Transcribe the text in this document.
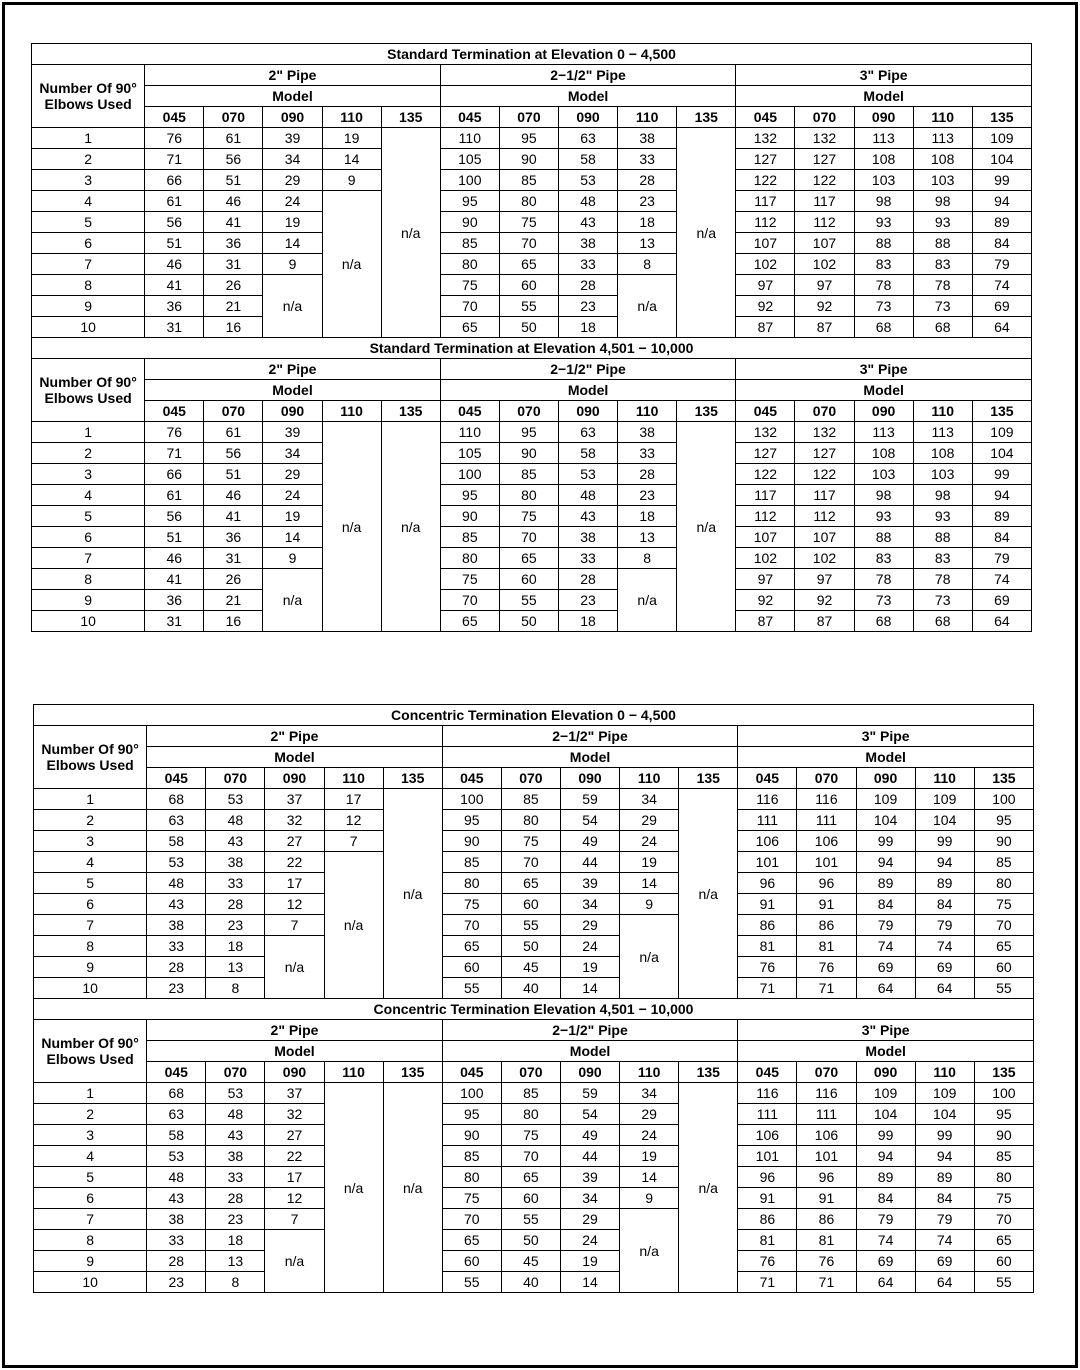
Standard Termination at Elevation 0 − 4,500															
Number Of 90° Elbows Used	2" Pipe					2−1/2" Pipe					3" Pipe				
	Model					Model					Model				
	045	070	090	110	135	045	070	090	110	135	045	070	090	110	135
1	76	61	39	19	n/a	110	95	63	38	n/a	132	132	113	113	109
2	71	56	34	14		105	90	58	33		127	127	108	108	104
3	66	51	29	9		100	85	53	28		122	122	103	103	99
4	61	46	24	n/a		95	80	48	23		117	117	98	98	94
5	56	41	19			90	75	43	18		112	112	93	93	89
6	51	36	14			85	70	38	13		107	107	88	88	84
7	46	31	9			80	65	33	8		102	102	83	83	79
8	41	26	n/a			75	60	28	n/a		97	97	78	78	74
9	36	21				70	55	23			92	92	73	73	69
10	31	16				65	50	18			87	87	68	68	64
Standard Termination at Elevation 4,501 − 10,000															
Number Of 90° Elbows Used	2" Pipe					2−1/2" Pipe					3" Pipe				
	Model					Model					Model				
	045	070	090	110	135	045	070	090	110	135	045	070	090	110	135
1	76	61	39	n/a	n/a	110	95	63	38	n/a	132	132	113	113	109
2	71	56	34			105	90	58	33		127	127	108	108	104
3	66	51	29			100	85	53	28		122	122	103	103	99
4	61	46	24			95	80	48	23		117	117	98	98	94
5	56	41	19			90	75	43	18		112	112	93	93	89
6	51	36	14			85	70	38	13		107	107	88	88	84
7	46	31	9			80	65	33	8		102	102	83	83	79
8	41	26	n/a			75	60	28	n/a		97	97	78	78	74
9	36	21				70	55	23			92	92	73	73	69
10	31	16				65	50	18			87	87	68	68	64
Concentric Termination Elevation 0 − 4,500															
Number Of 90° Elbows Used	2" Pipe					2−1/2" Pipe					3" Pipe				
	Model					Model					Model				
	045	070	090	110	135	045	070	090	110	135	045	070	090	110	135
1	68	53	37	17	n/a	100	85	59	34	n/a	116	116	109	109	100
2	63	48	32	12		95	80	54	29		111	111	104	104	95
3	58	43	27	7		90	75	49	24		106	106	99	99	90
4	53	38	22	n/a		85	70	44	19		101	101	94	94	85
5	48	33	17			80	65	39	14		96	96	89	89	80
6	43	28	12			75	60	34	9		91	91	84	84	75
7	38	23	7			70	55	29	n/a		86	86	79	79	70
8	33	18	n/a			65	50	24			81	81	74	74	65
9	28	13				60	45	19			76	76	69	69	60
10	23	8				55	40	14			71	71	64	64	55
Concentric Termination Elevation 4,501 − 10,000															
Number Of 90° Elbows Used	2" Pipe					2−1/2" Pipe					3" Pipe				
	Model					Model					Model				
	045	070	090	110	135	045	070	090	110	135	045	070	090	110	135
1	68	53	37	n/a	n/a	100	85	59	34	n/a	116	116	109	109	100
2	63	48	32			95	80	54	29		111	111	104	104	95
3	58	43	27			90	75	49	24		106	106	99	99	90
4	53	38	22			85	70	44	19		101	101	94	94	85
5	48	33	17			80	65	39	14		96	96	89	89	80
6	43	28	12			75	60	34	9		91	91	84	84	75
7	38	23	7			70	55	29	n/a		86	86	79	79	70
8	33	18	n/a			65	50	24			81	81	74	74	65
9	28	13				60	45	19			76	76	69	69	60
10	23	8				55	40	14			71	71	64	64	55
